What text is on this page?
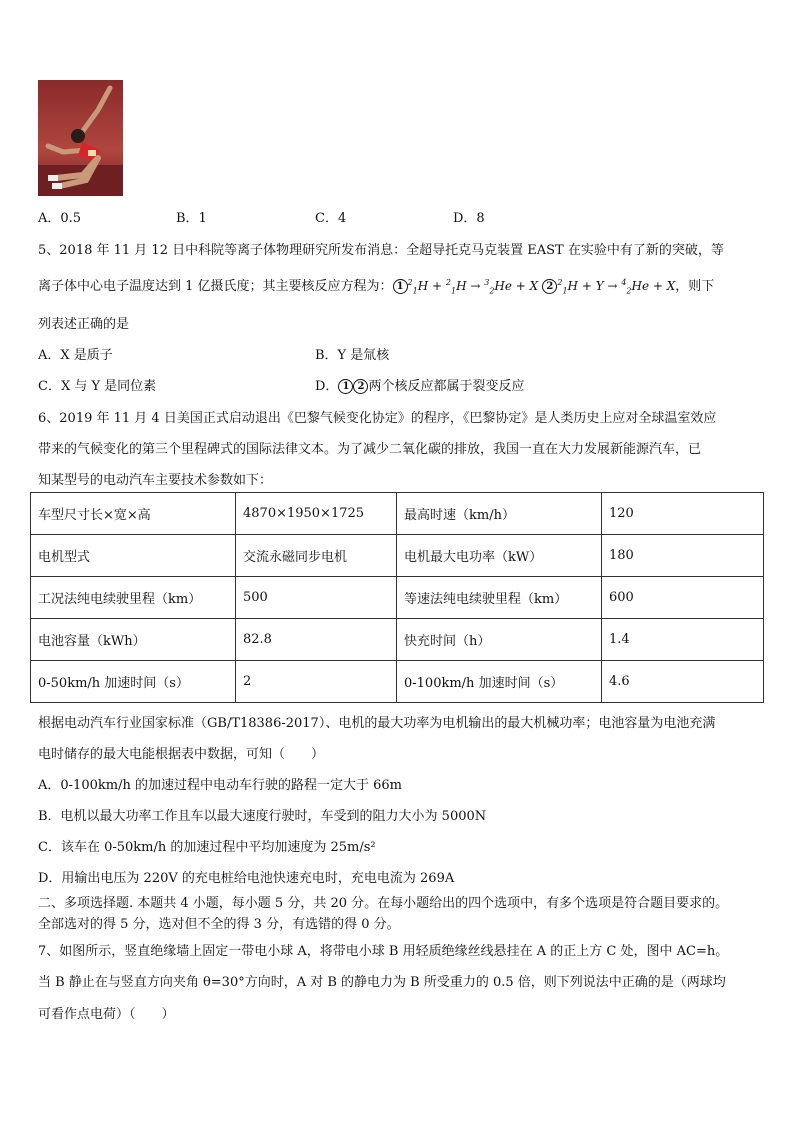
A．0.5	B．1	C．4	D．8
5、2018 年 11 月 12 日中科院等离子体物理研究所发布消息：全超导托克马克装置 EAST 在实验中有了新的突破，等
离子体中心电子温度达到 1 亿摄氏度；其主要核反应方程为： 1 $^2_1$H + $^2_1$H → $^3_2$He + X 2 $^2_1$H + Y → $^4_2$He + X，则下
列表述正确的是
A．X 是质子	B．Y 是氚核
C．X 与 Y 是同位素	D． 1 2 两个核反应都属于裂变反应
6、2019 年 11 月 4 日美国正式启动退出《巴黎气候变化协定》的程序，《巴黎协定》是人类历史上应对全球温室效应
带来的气候变化的第三个里程碑式的国际法律文本。为了减少二氧化碳的排放，我国一直在大力发展新能源汽车，已
知某型号的电动汽车主要技术参数如下：
车型尺寸长×宽×高	4870×1950×1725	最高时速（km/h）	120
电机型式	交流永磁同步电机	电机最大电功率（kW）	180
工况法纯电续驶里程（km）	500	等速法纯电续驶里程（km）	600
电池容量（kWh）	82.8	快充时间（h）	1.4
0-50km/h 加速时间（s）	2	0-100km/h 加速时间（s）	4.6
根据电动汽车行业国家标准（GB/T18386-2017）、电机的最大功率为电机输出的最大机械功率；电池容量为电池充满
电时储存的最大电能根据表中数据，可知（　　）
A．0-100km/h 的加速过程中电动车行驶的路程一定大于 66m
B．电机以最大功率工作且车以最大速度行驶时，车受到的阻力大小为 5000N
C．该车在 0-50km/h 的加速过程中平均加速度为 25m/s²
D．用输出电压为 220V 的充电桩给电池快速充电时，充电电流为 269A
二、多项选择题. 本题共 4 小题，每小题 5 分，共 20 分。在每小题给出的四个选项中，有多个选项是符合题目要求的。
全部选对的得 5 分，选对但不全的得 3 分，有选错的得 0 分。
7、如图所示，竖直绝缘墙上固定一带电小球 A，将带电小球 B 用轻质绝缘丝线悬挂在 A 的正上方 C 处，图中 AC=h。
当 B 静止在与竖直方向夹角 θ=30°方向时，A 对 B 的静电力为 B 所受重力的 0.5 倍，则下列说法中正确的是（两球均
可看作点电荷）（　　）
